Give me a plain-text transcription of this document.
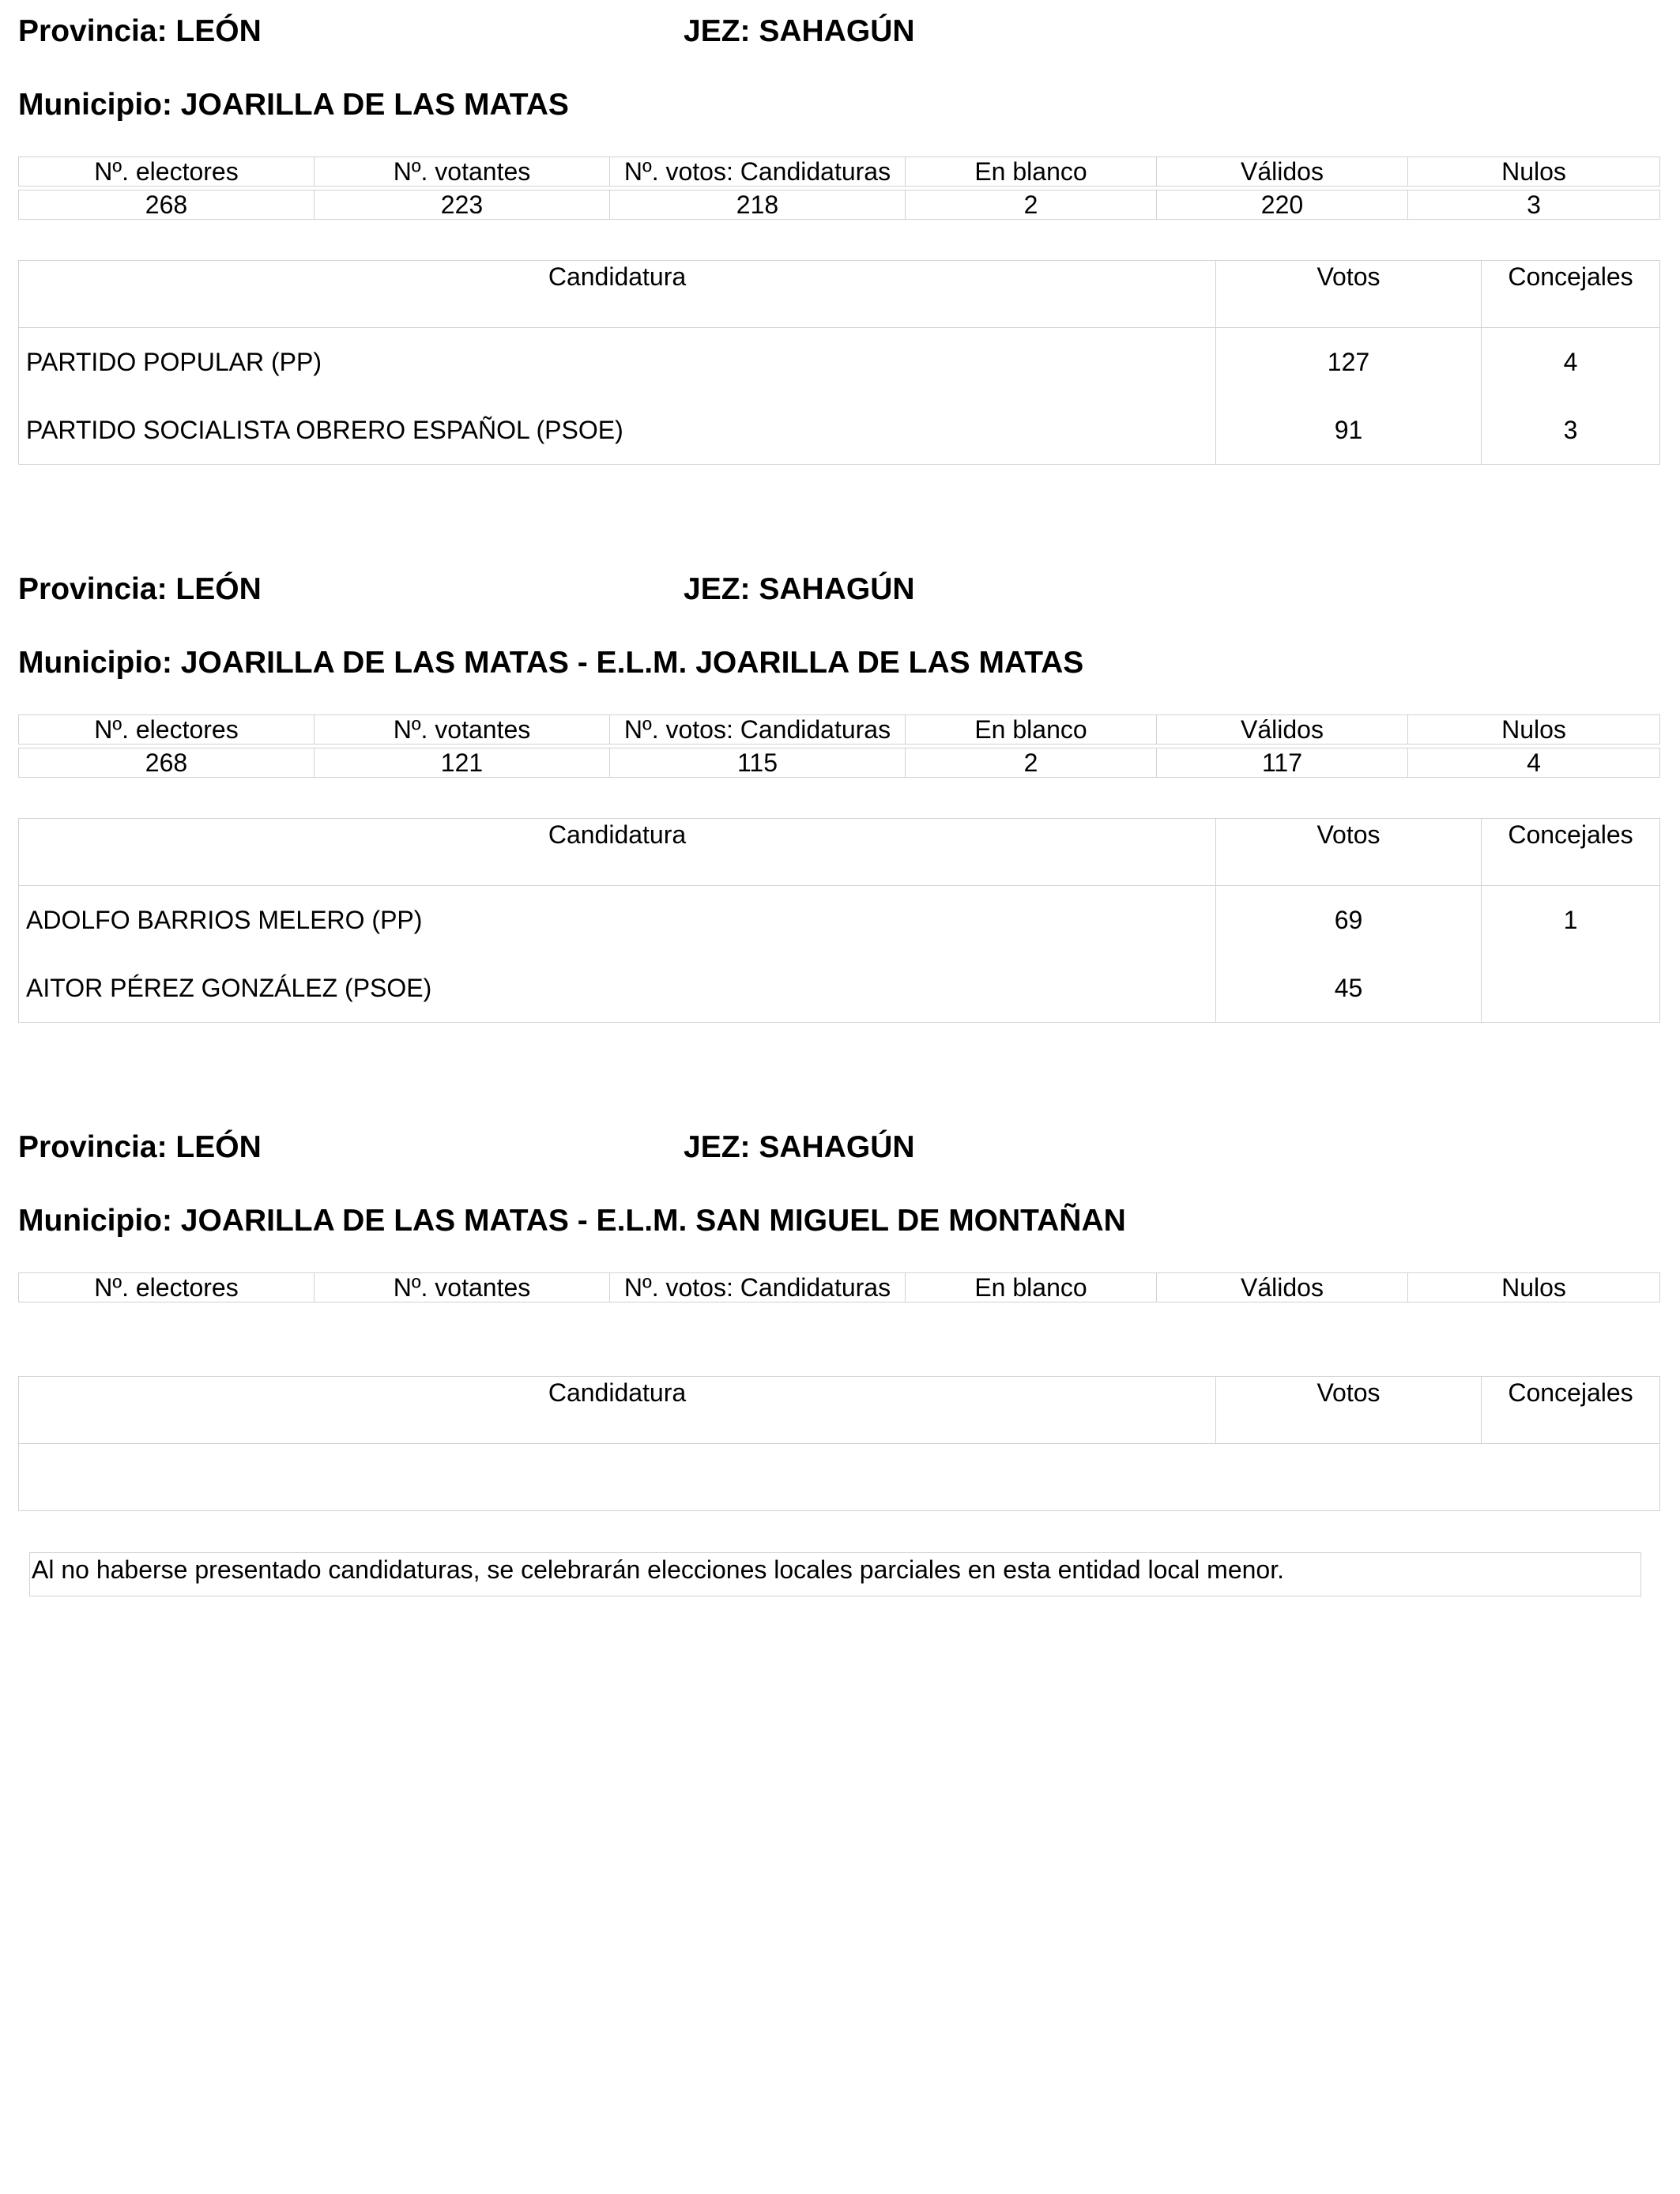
Provincia: LEÓN	JEZ: SAHAGÚN
Municipio: JOARILLA DE LAS MATAS
Nº. electores	Nº. votantes	Nº. votos: Candidaturas	En blanco	Válidos	Nulos

268	223	218	2	220	3
Candidatura	Votos	Concejales
PARTIDO POPULAR (PP)	127	4
PARTIDO SOCIALISTA OBRERO ESPAÑOL (PSOE)	91	3
Provincia: LEÓN	JEZ: SAHAGÚN
Municipio: JOARILLA DE LAS MATAS - E.L.M. JOARILLA DE LAS MATAS
Nº. electores	Nº. votantes	Nº. votos: Candidaturas	En blanco	Válidos	Nulos

268	121	115	2	117	4
Candidatura	Votos	Concejales
ADOLFO BARRIOS MELERO (PP)	69	1
AITOR PÉREZ GONZÁLEZ (PSOE)	45	
Provincia: LEÓN	JEZ: SAHAGÚN
Municipio: JOARILLA DE LAS MATAS - E.L.M. SAN MIGUEL DE MONTAÑAN
Nº. electores	Nº. votantes	Nº. votos: Candidaturas	En blanco	Válidos	Nulos
Candidatura	Votos	Concejales

Al no haberse presentado candidaturas, se celebrarán elecciones locales parciales en esta entidad local menor.
